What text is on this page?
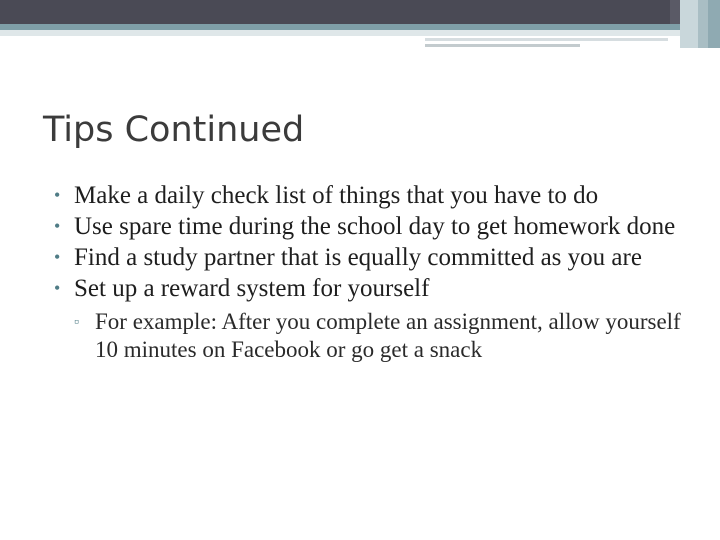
Tips Continued
• Make a daily check list of things that you have to do
• Use spare time during the school day to get homework done
• Find a study partner that is equally committed as you are
• Set up a reward system for yourself
▫ For example: After you complete an assignment, allow yourself 10 minutes on Facebook or go get a snack
